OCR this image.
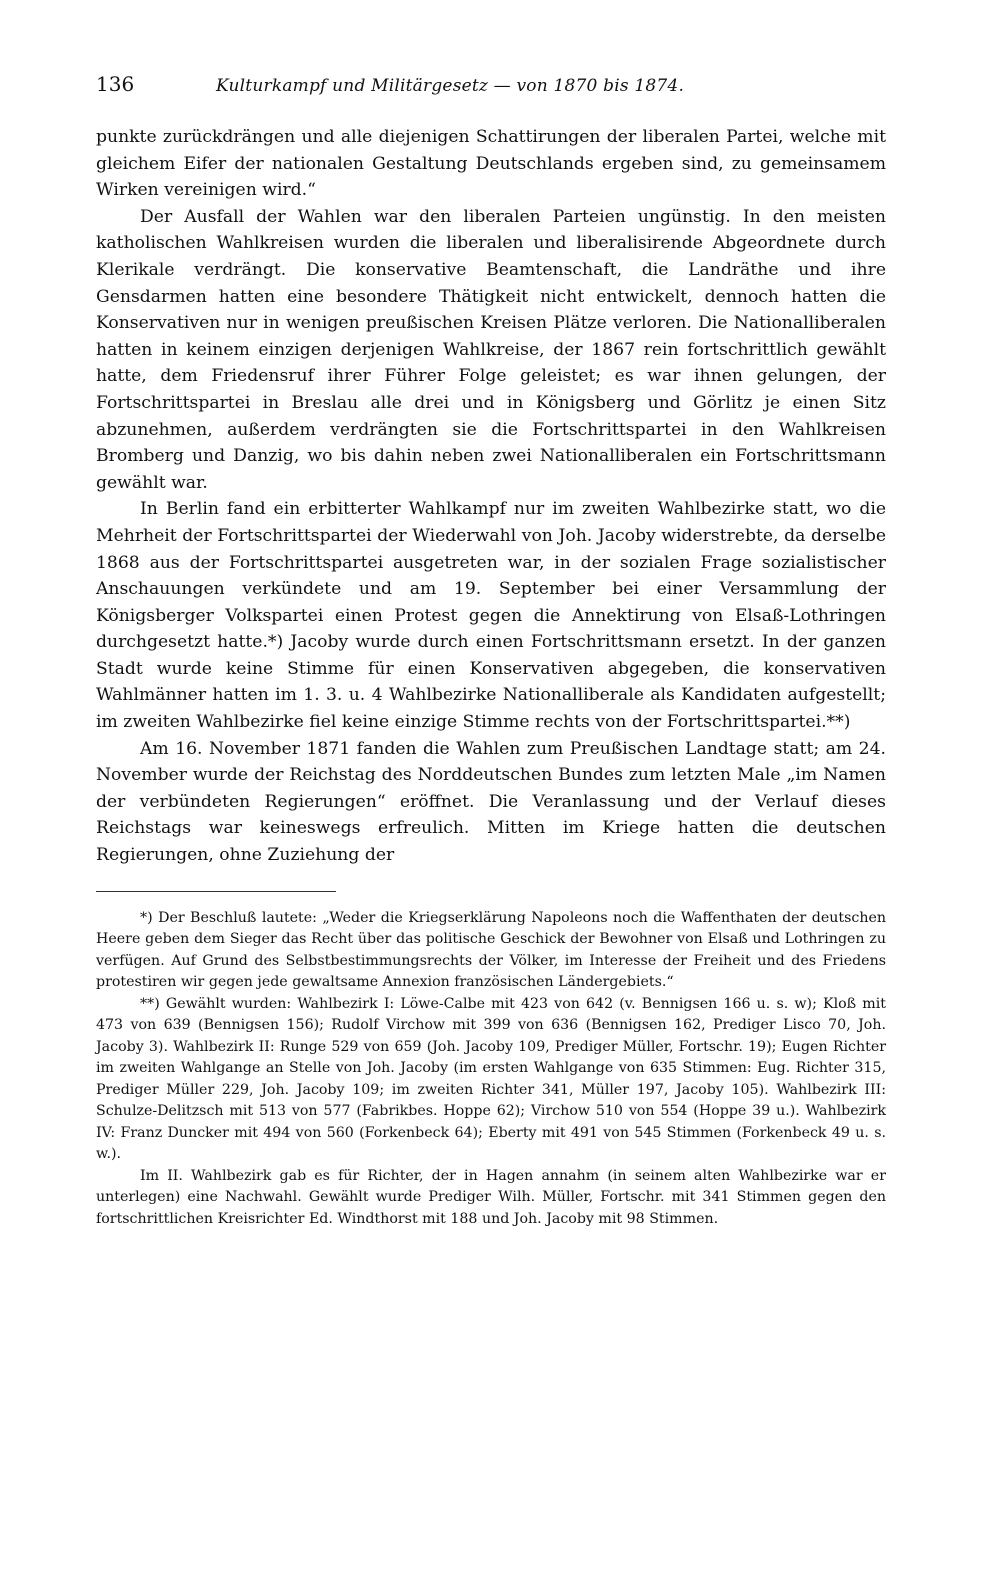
136	Kulturkampf und Militärgesetz — von 1870 bis 1874.

punkte zurückdrängen und alle diejenigen Schattirungen der liberalen Partei, welche mit gleichem Eifer der nationalen Gestaltung Deutschlands ergeben sind, zu gemeinsamem Wirken vereinigen wird.“

Der Ausfall der Wahlen war den liberalen Parteien ungünstig. In den meisten katholischen Wahlkreisen wurden die liberalen und liberalisirende Abgeordnete durch Klerikale verdrängt. Die konservative Beamtenschaft, die Landräthe und ihre Gensdarmen hatten eine besondere Thätigkeit nicht entwickelt, dennoch hatten die Konservativen nur in wenigen preußischen Kreisen Plätze verloren. Die Nationalliberalen hatten in keinem einzigen derjenigen Wahlkreise, der 1867 rein fortschrittlich gewählt hatte, dem Friedensruf ihrer Führer Folge geleistet; es war ihnen gelungen, der Fortschrittspartei in Breslau alle drei und in Königsberg und Görlitz je einen Sitz abzunehmen, außerdem verdrängten sie die Fortschrittspartei in den Wahlkreisen Bromberg und Danzig, wo bis dahin neben zwei Nationalliberalen ein Fortschrittsmann gewählt war.

In Berlin fand ein erbitterter Wahlkampf nur im zweiten Wahlbezirke statt, wo die Mehrheit der Fortschrittspartei der Wiederwahl von Joh. Jacoby widerstrebte, da derselbe 1868 aus der Fortschrittspartei ausgetreten war, in der sozialen Frage sozialistischer Anschauungen verkündete und am 19. September bei einer Versammlung der Königsberger Volkspartei einen Protest gegen die Annektirung von Elsaß-Lothringen durchgesetzt hatte.*) Jacoby wurde durch einen Fortschrittsmann ersetzt. In der ganzen Stadt wurde keine Stimme für einen Konservativen abgegeben, die konservativen Wahlmänner hatten im 1. 3. u. 4 Wahlbezirke Nationalliberale als Kandidaten aufgestellt; im zweiten Wahlbezirke fiel keine einzige Stimme rechts von der Fortschrittspartei.**)

Am 16. November 1871 fanden die Wahlen zum Preußischen Landtage statt; am 24. November wurde der Reichstag des Norddeutschen Bundes zum letzten Male „im Namen der verbündeten Regierungen“ eröffnet. Die Veranlassung und der Verlauf dieses Reichstags war keineswegs erfreulich. Mitten im Kriege hatten die deutschen Regierungen, ohne Zuziehung der

*) Der Beschluß lautete: „Weder die Kriegserklärung Napoleons noch die Waffenthaten der deutschen Heere geben dem Sieger das Recht über das politische Geschick der Bewohner von Elsaß und Lothringen zu verfügen. Auf Grund des Selbstbestimmungsrechts der Völker, im Interesse der Freiheit und des Friedens protestiren wir gegen jede gewaltsame Annexion französischen Ländergebiets.“

**) Gewählt wurden: Wahlbezirk I: Löwe-Calbe mit 423 von 642 (v. Bennigsen 166 u. s. w); Kloß mit 473 von 639 (Bennigsen 156); Rudolf Virchow mit 399 von 636 (Bennigsen 162, Prediger Lisco 70, Joh. Jacoby 3). Wahlbezirk II: Runge 529 von 659 (Joh. Jacoby 109, Prediger Müller, Fortschr. 19); Eugen Richter im zweiten Wahlgange an Stelle von Joh. Jacoby (im ersten Wahlgange von 635 Stimmen: Eug. Richter 315, Prediger Müller 229, Joh. Jacoby 109; im zweiten Richter 341, Müller 197, Jacoby 105). Wahlbezirk III: Schulze-Delitzsch mit 513 von 577 (Fabrikbes. Hoppe 62); Virchow 510 von 554 (Hoppe 39 u.). Wahlbezirk IV: Franz Duncker mit 494 von 560 (Forkenbeck 64); Eberty mit 491 von 545 Stimmen (Forkenbeck 49 u. s. w.).

Im II. Wahlbezirk gab es für Richter, der in Hagen annahm (in seinem alten Wahlbezirke war er unterlegen) eine Nachwahl. Gewählt wurde Prediger Wilh. Müller, Fortschr. mit 341 Stimmen gegen den fortschrittlichen Kreisrichter Ed. Windthorst mit 188 und Joh. Jacoby mit 98 Stimmen.
